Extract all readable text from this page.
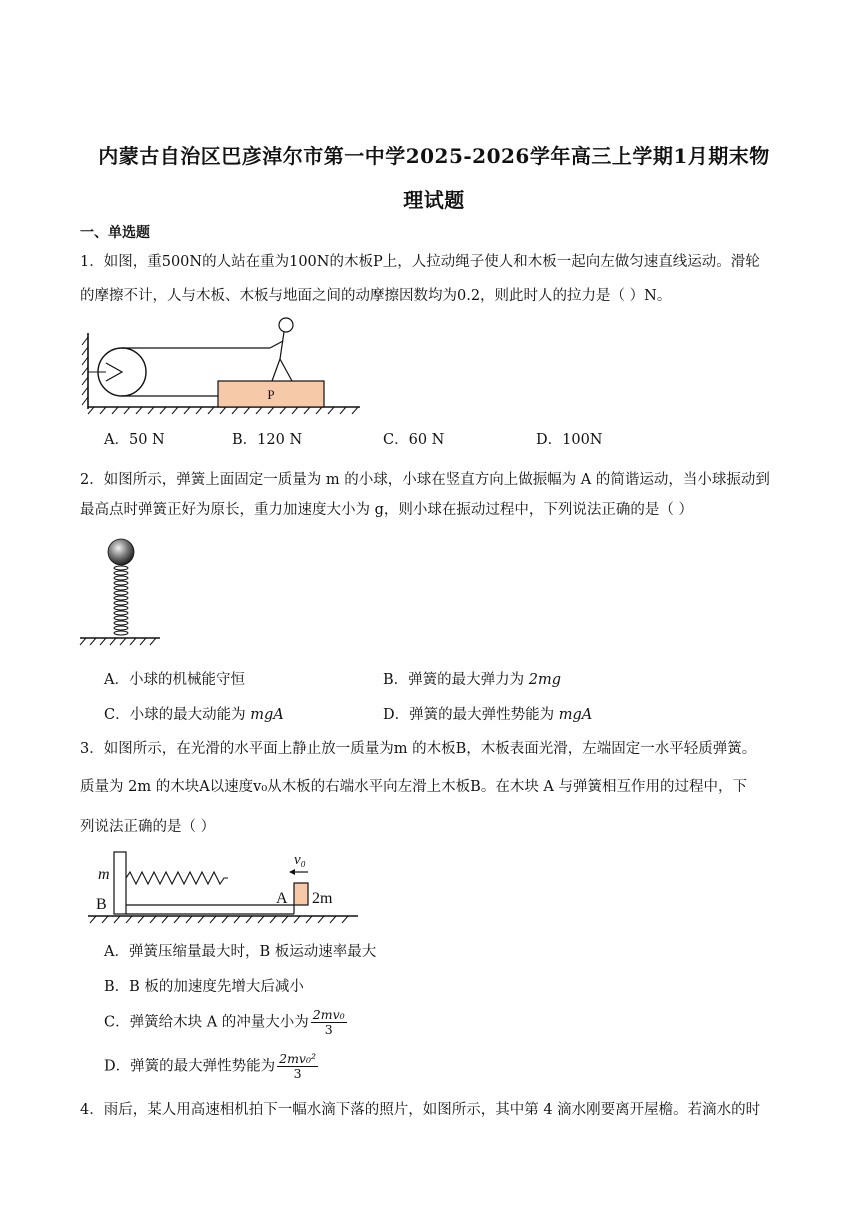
内蒙古自治区巴彦淖尔市第一中学2025-2026学年高三上学期1月期末物
理试题
一、单选题
1．如图，重500N的人站在重为100N的木板P上，人拉动绳子使人和木板一起向左做匀速直线运动。滑轮
的摩擦不计，人与木板、木板与地面之间的动摩擦因数均为0.2，则此时人的拉力是（ ）N。
P
A．50 N	B．120 N	C．60 N	D．100N
2．如图所示，弹簧上面固定一质量为 m 的小球，小球在竖直方向上做振幅为 A 的简谐运动，当小球振动到
最高点时弹簧正好为原长，重力加速度大小为 g，则小球在振动过程中，下列说法正确的是（ ）
A．小球的机械能守恒	B．弹簧的最大弹力为 2mg
C．小球的最大动能为 mgA	D．弹簧的最大弹性势能为 mgA
3．如图所示，在光滑的水平面上静止放一质量为m 的木板B，木板表面光滑，左端固定一水平轻质弹簧。
质量为 2m 的木块A以速度v₀从木板的右端水平向左滑上木板B。在木块 A 与弹簧相互作用的过程中，下
列说法正确的是（ ）
m
B	A 2m
v₀
A．弹簧压缩量最大时，B 板运动速率最大
B．B 板的加速度先增大后减小
C．弹簧给木块 A 的冲量大小为 $\frac{\text{2mv₀}}{3}$
D．弹簧的最大弹性势能为 $\frac{\text{2mv₀²}}{3}$
4．雨后，某人用高速相机拍下一幅水滴下落的照片，如图所示，其中第 4 滴水刚要离开屋檐。若滴水的时
